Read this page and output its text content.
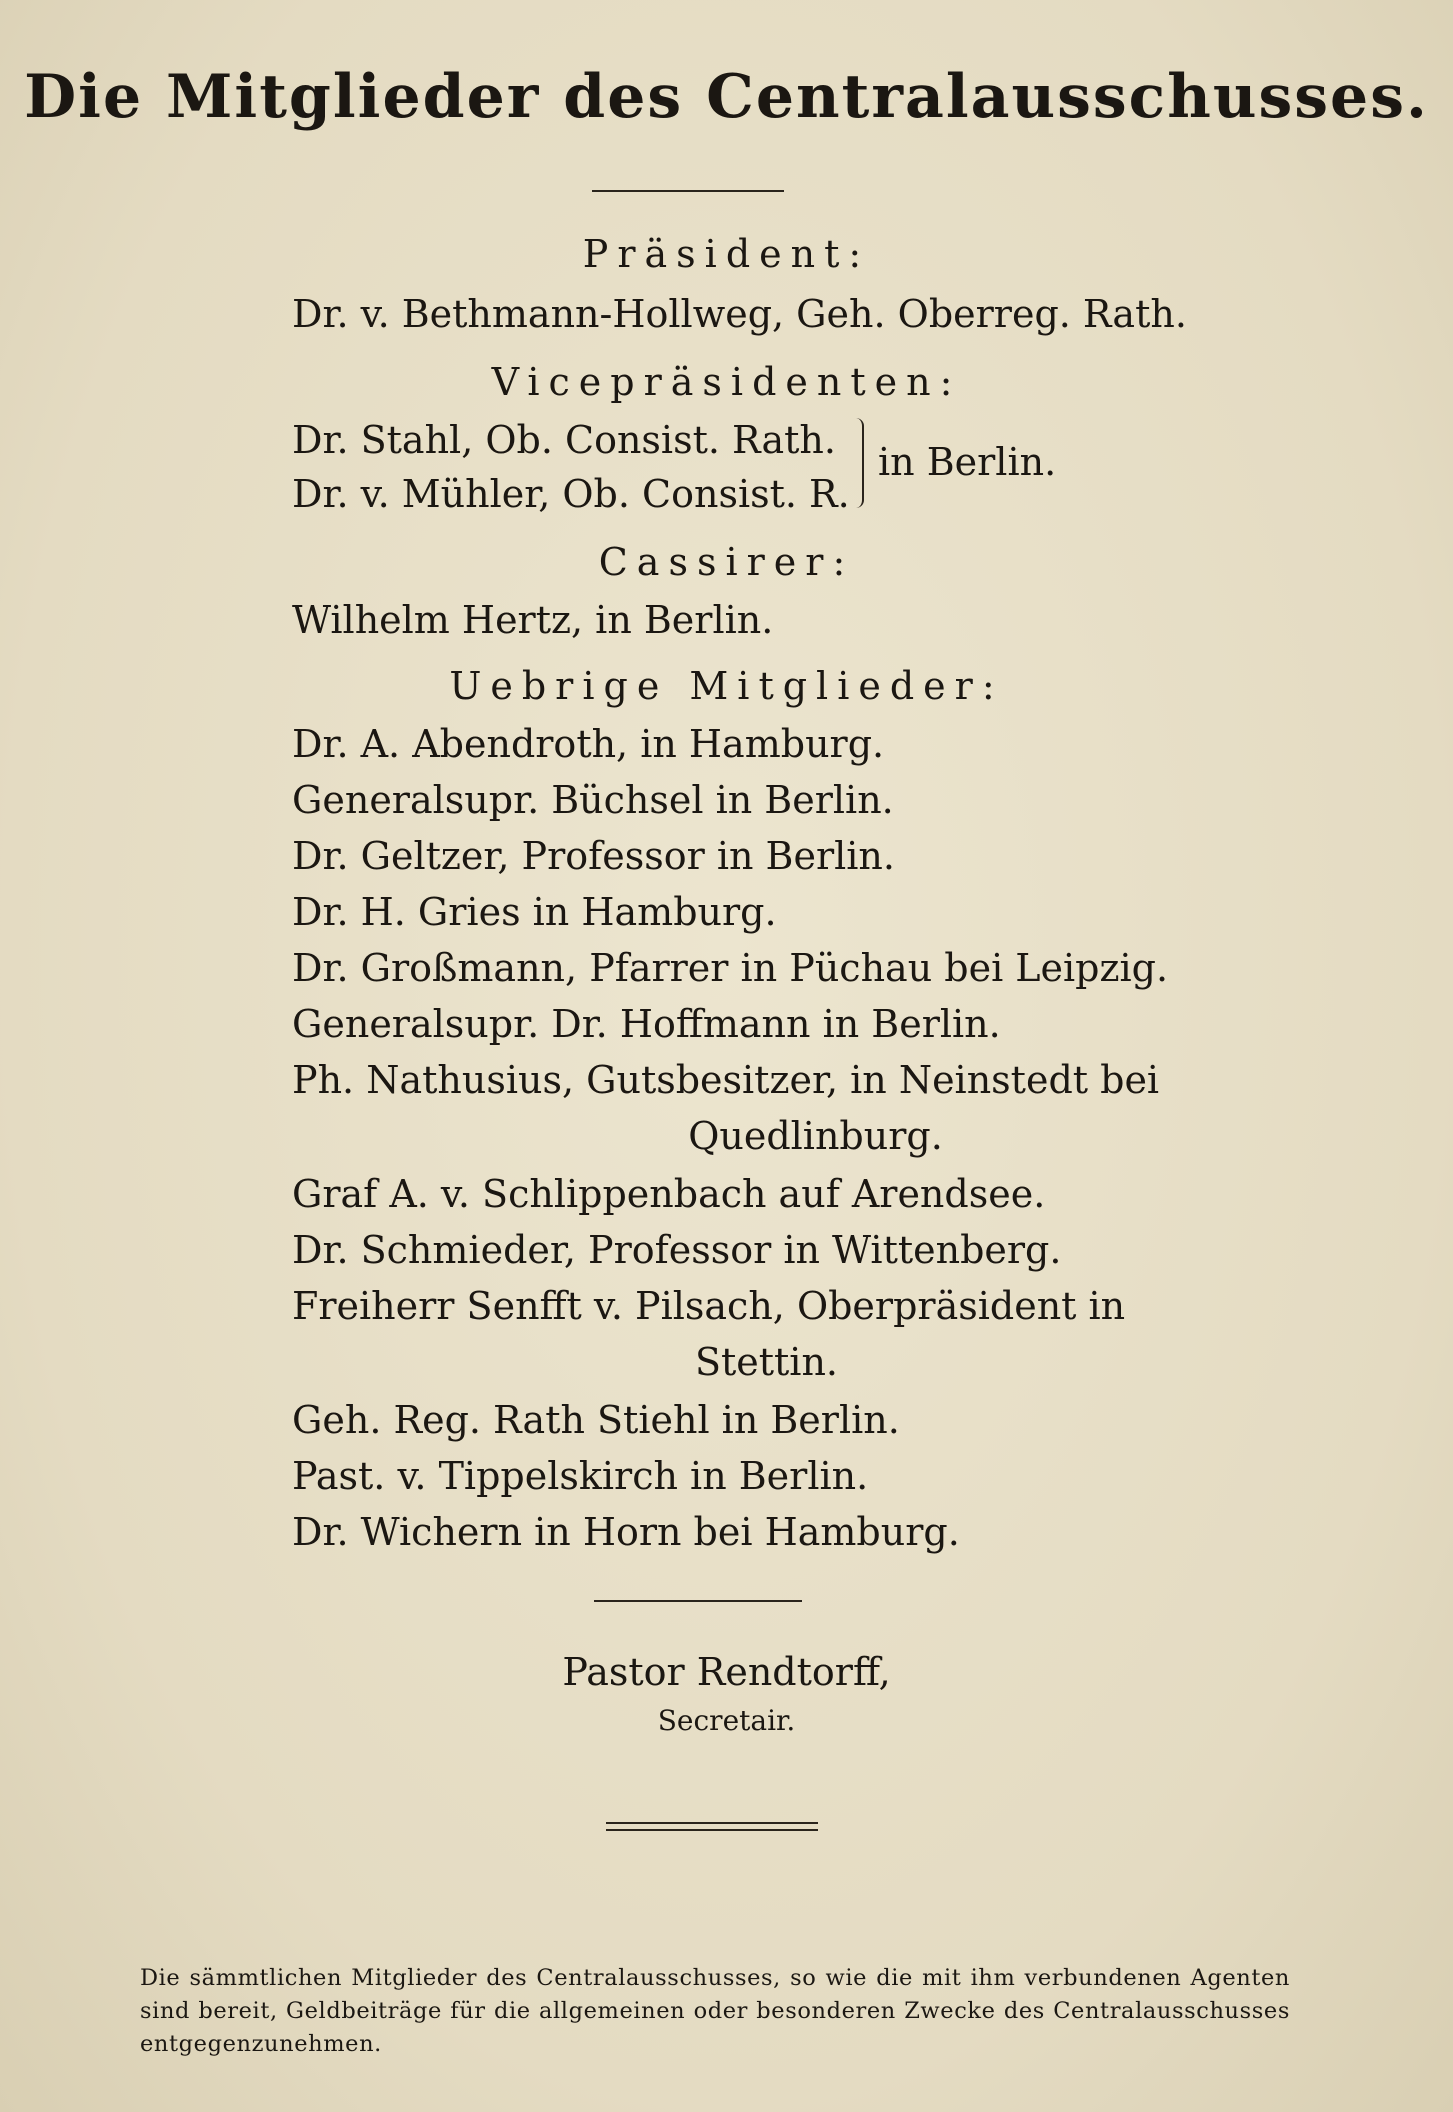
Die Mitglieder des Centralausschusses.
Präsident:
Dr. v. Bethmann-Hollweg, Geh. Oberreg. Rath.
Vicepräsidenten:
Dr. Stahl, Ob. Consist. Rath.
Dr. v. Mühler, Ob. Consist. R.
in Berlin.
Cassirer:
Wilhelm Hertz, in Berlin.
Uebrige Mitglieder:
Dr. A. Abendroth, in Hamburg.
Generalsupr. Büchsel in Berlin.
Dr. Geltzer, Professor in Berlin.
Dr. H. Gries in Hamburg.
Dr. Großmann, Pfarrer in Püchau bei Leipzig.
Generalsupr. Dr. Hoffmann in Berlin.
Ph. Nathusius, Gutsbesitzer, in Neinstedt bei
Quedlinburg.
Graf A. v. Schlippenbach auf Arendsee.
Dr. Schmieder, Professor in Wittenberg.
Freiherr Senfft v. Pilsach, Oberpräsident in
Stettin.
Geh. Reg. Rath Stiehl in Berlin.
Past. v. Tippelskirch in Berlin.
Dr. Wichern in Horn bei Hamburg.
Pastor Rendtorff,
Secretair.
Die sämmtlichen Mitglieder des Centralausschusses, so wie die mit ihm verbundenen Agenten sind bereit, Geldbeiträge für die allgemeinen oder besonderen Zwecke des Centralausschusses entgegenzunehmen.
